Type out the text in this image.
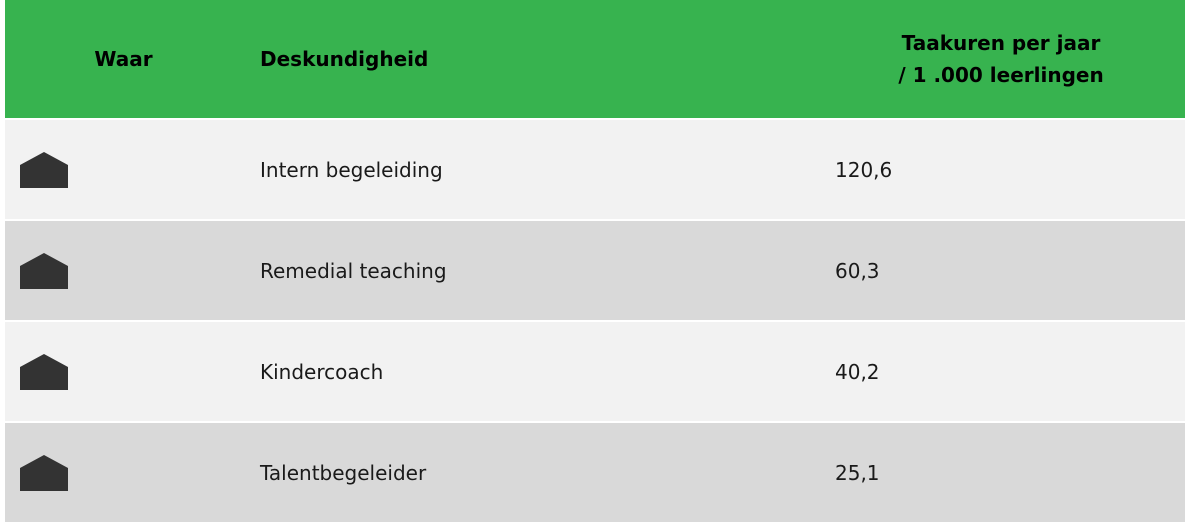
Waar	Deskundigheid
Taakuren per jaar
/ 1 .000 leerlingen
Intern begeleiding	120,6
Remedial teaching	60,3
Kindercoach	40,2
Talentbegeleider	25,1
